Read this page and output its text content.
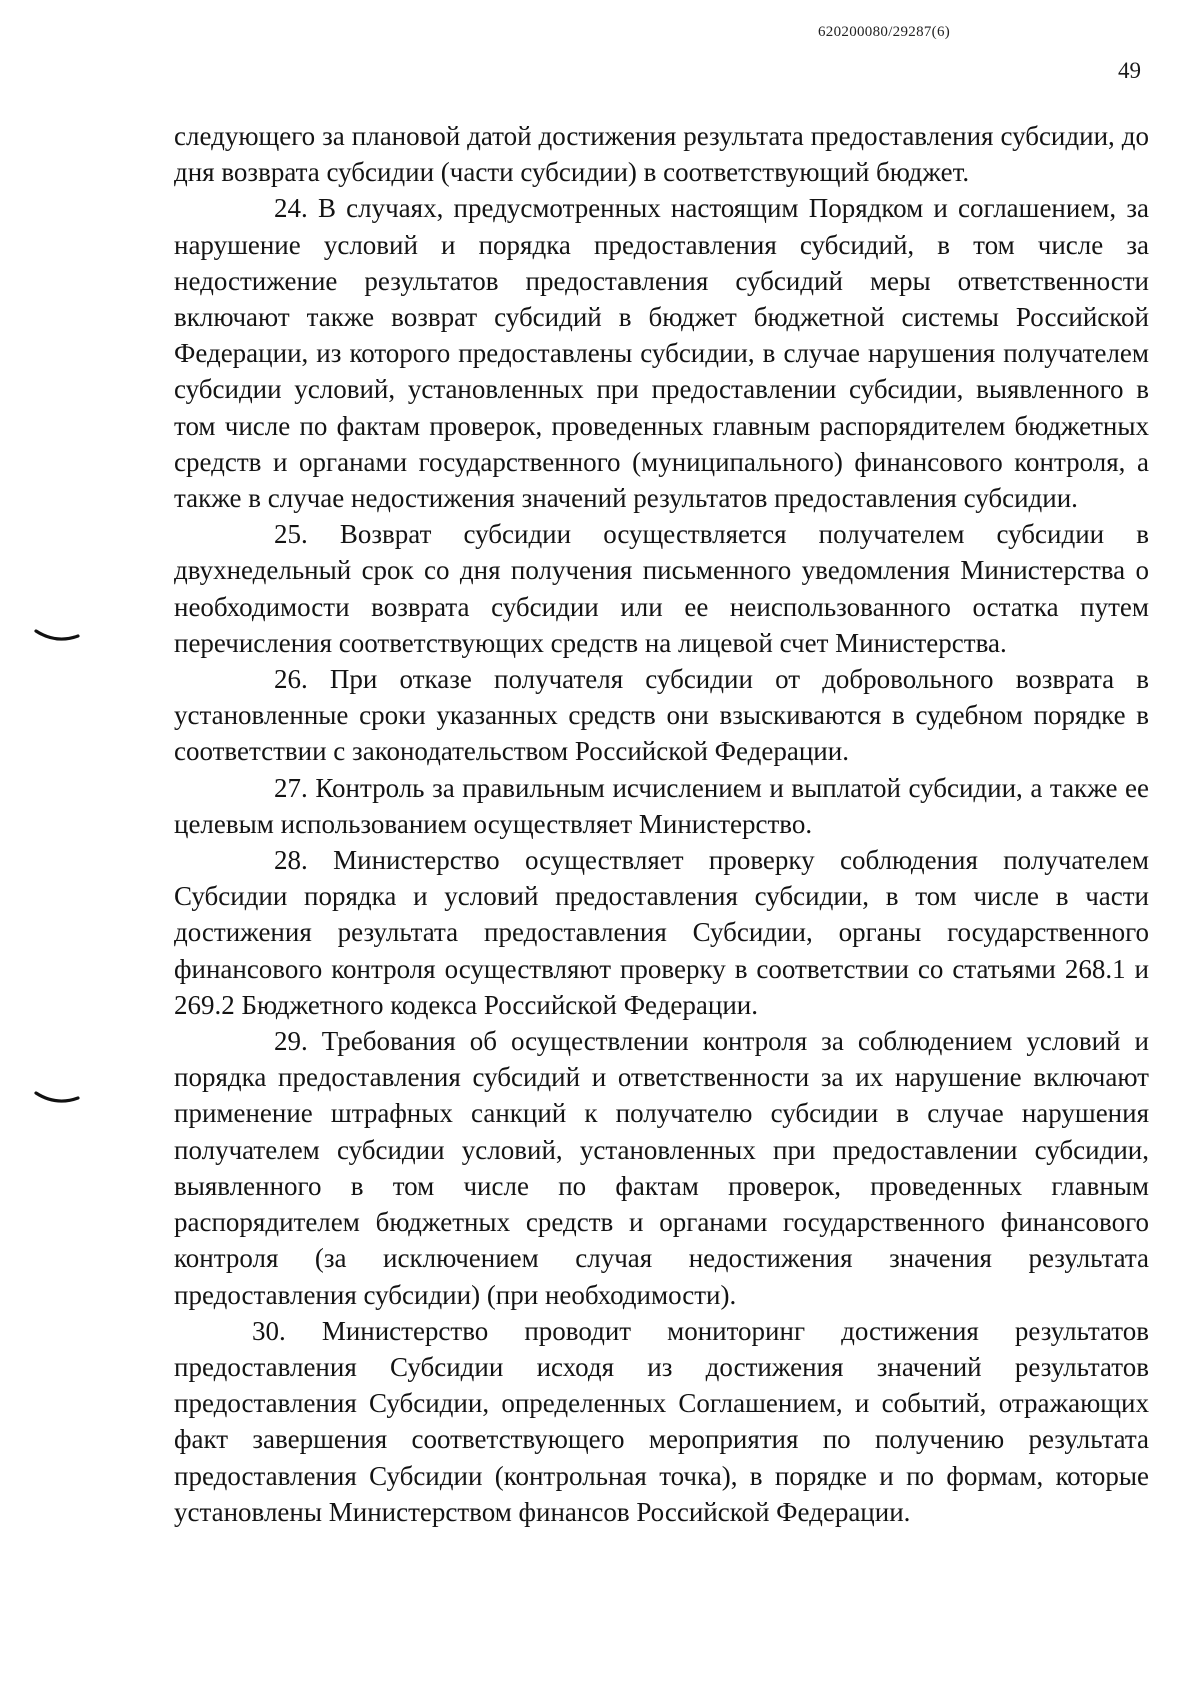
620200080/29287(6)
49

следующего за плановой датой достижения результата предоставления субсидии, до дня возврата субсидии (части субсидии) в соответствующий бюджет.

24. В случаях, предусмотренных настоящим Порядком и соглашением, за нарушение условий и порядка предоставления субсидий, в том числе за недостижение результатов предоставления субсидий меры ответственности включают также возврат субсидий в бюджет бюджетной системы Российской Федерации, из которого предоставлены субсидии, в случае нарушения получателем субсидии условий, установленных при предоставлении субсидии, выявленного в том числе по фактам проверок, проведенных главным распорядителем бюджетных средств и органами государственного (муниципального) финансового контроля, а также в случае недостижения значений результатов предоставления субсидии.

25. Возврат субсидии осуществляется получателем субсидии в двухнедельный срок со дня получения письменного уведомления Министерства о необходимости возврата субсидии или ее неиспользованного остатка путем перечисления соответствующих средств на лицевой счет Министерства.

26. При отказе получателя субсидии от добровольного возврата в установленные сроки указанных средств они взыскиваются в судебном порядке в соответствии с законодательством Российской Федерации.

27. Контроль за правильным исчислением и выплатой субсидии, а также ее целевым использованием осуществляет Министерство.

28. Министерство осуществляет проверку соблюдения получателем Субсидии порядка и условий предоставления субсидии, в том числе в части достижения результата предоставления Субсидии, органы государственного финансового контроля осуществляют проверку в соответствии со статьями 268.1 и 269.2 Бюджетного кодекса Российской Федерации.

29. Требования об осуществлении контроля за соблюдением условий и порядка предоставления субсидий и ответственности за их нарушение включают применение штрафных санкций к получателю субсидии в случае нарушения получателем субсидии условий, установленных при предоставлении субсидии, выявленного в том числе по фактам проверок, проведенных главным распорядителем бюджетных средств и органами государственного финансового контроля (за исключением случая недостижения значения результата предоставления субсидии) (при необходимости).

30. Министерство проводит мониторинг достижения результатов предоставления Субсидии исходя из достижения значений результатов предоставления Субсидии, определенных Соглашением, и событий, отражающих факт завершения соответствующего мероприятия по получению результата предоставления Субсидии (контрольная точка), в порядке и по формам, которые установлены Министерством финансов Российской Федерации.
